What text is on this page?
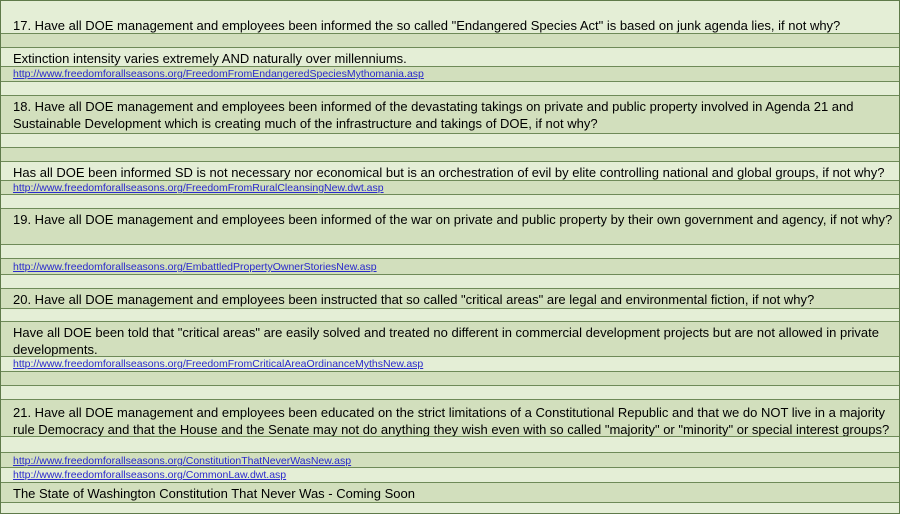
17. Have all DOE management and employees been informed the so called "Endangered Species Act" is based on junk agenda lies, if not why?

Extinction intensity varies extremely AND naturally over millenniums.

http://www.freedomforallseasons.org/FreedomFromEndangeredSpeciesMythomania.asp

18. Have all DOE management and employees been informed of the devastating takings on private and public property involved in Agenda 21 and Sustainable Development which is creating much of the infrastructure and takings of DOE, if not why?

Has all DOE been informed SD is not necessary nor economical but is an orchestration of evil by elite controlling national and global groups, if not why?

http://www.freedomforallseasons.org/FreedomFromRuralCleansingNew.dwt.asp

19. Have all DOE management and employees been informed of the war on private and public property by their own government and agency, if not why?

http://www.freedomforallseasons.org/EmbattledPropertyOwnerStoriesNew.asp

20. Have all DOE management and employees been instructed that so called "critical areas" are legal and environmental fiction, if not why?

Have all DOE been told that "critical areas" are easily solved and treated no different in commercial development projects but are not allowed in private developments.

http://www.freedomforallseasons.org/FreedomFromCriticalAreaOrdinanceMythsNew.asp

21. Have all DOE management and employees been educated on the strict limitations of a Constitutional Republic and that we do NOT live in a majority rule Democracy and that the House and the Senate may not do anything they wish even with so called "majority" or "minority" or special interest groups?

http://www.freedomforallseasons.org/ConstitutionThatNeverWasNew.asp
http://www.freedomforallseasons.org/CommonLaw.dwt.asp

The State of Washington Constitution That Never Was - Coming Soon
